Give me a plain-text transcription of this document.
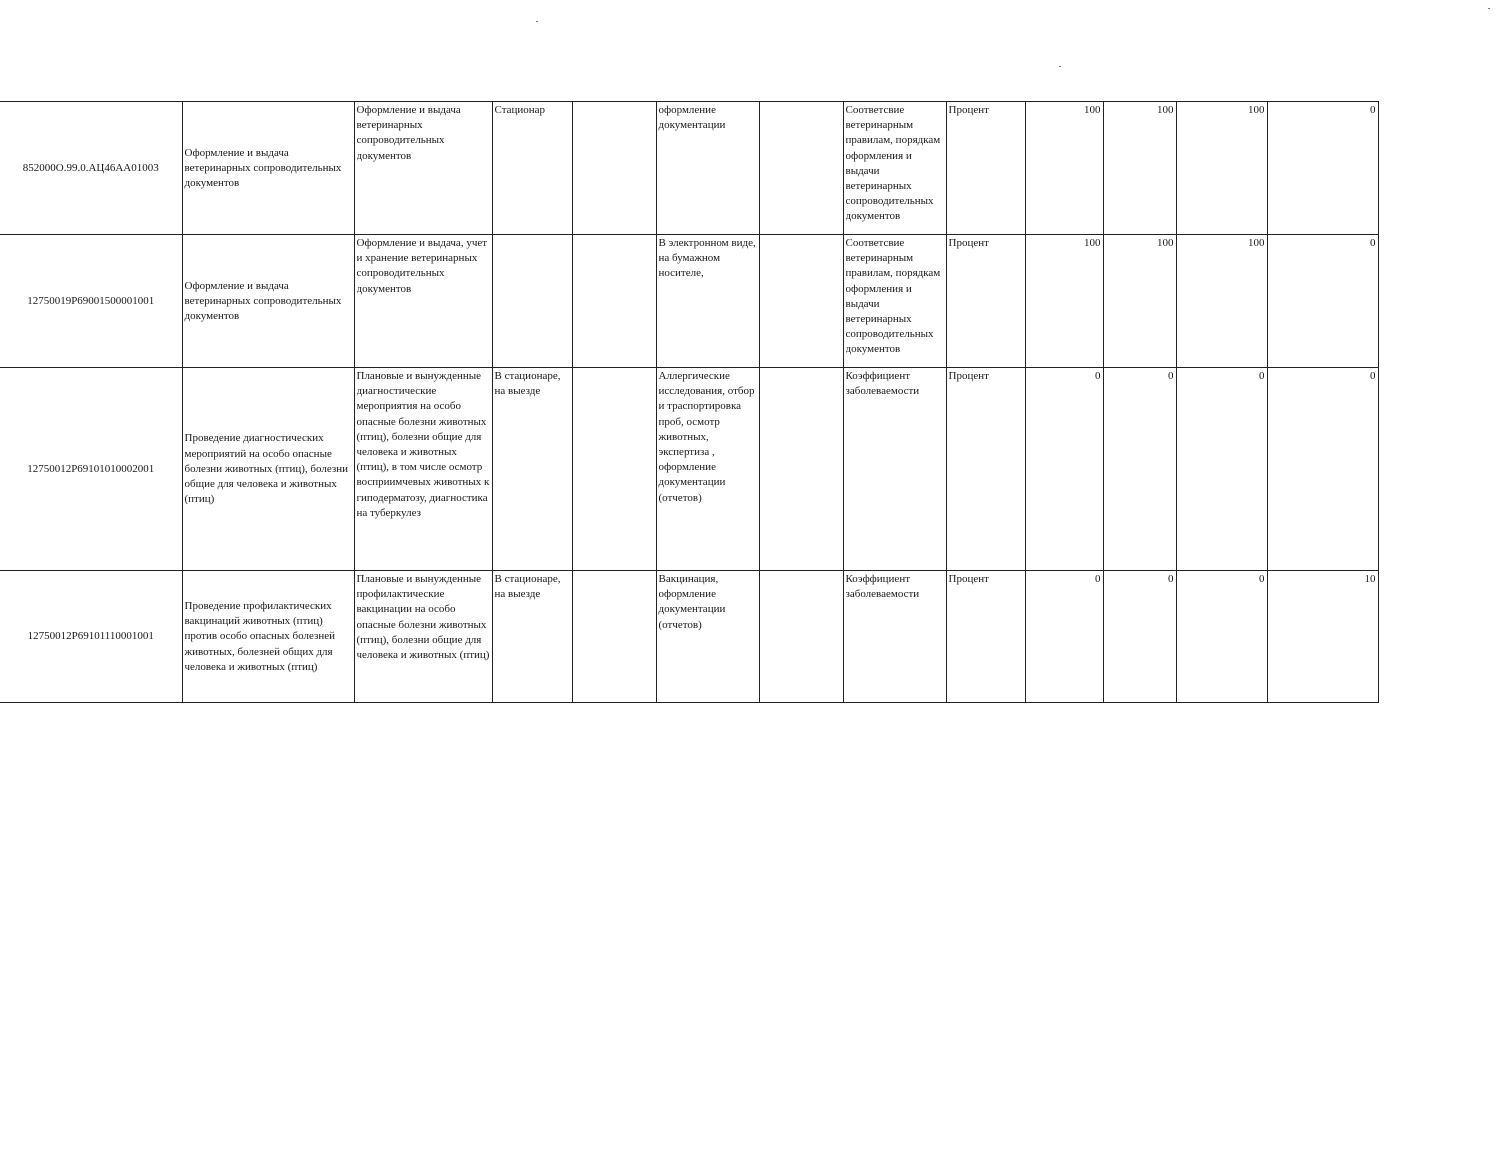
852000О.99.0.АЦ46АА01003	Оформление и выдача ветеринарных сопроводительных документов	Оформление и выдача ветеринарных сопроводительных документов	Стационар		оформление документации		Соответсвие ветеринарным правилам, порядкам оформления и выдачи ветеринарных сопроводительных документов	Процент	100	100	100	0
12750019Р69001500001001	Оформление и выдача ветеринарных сопроводительных документов	Оформление и выдача, учет и хранение ветеринарных сопроводительных документов			В электронном виде, на бумажном носителе,		Соответсвие ветеринарным правилам, порядкам оформления и выдачи ветеринарных сопроводительных документов	Процент	100	100	100	0
12750012Р69101010002001	Проведение диагностических мероприятий на особо опасные болезни животных (птиц), болезни общие для человека и животных (птиц)	Плановые и вынужденные диагностические мероприятия на особо опасные болезни животных (птиц), болезни общие для человека и животных (птиц), в том числе осмотр восприимчевых животных к гиподерматозу, диагностика на туберкулез	В стационаре, на выезде		Аллергические исследования, отбор и траспортировка проб, осмотр животных, экспертиза , оформление документации (отчетов)		Коэффициент заболеваемости	Процент	0	0	0	0
12750012Р69101110001001	Проведение профилактических вакцинаций животных (птиц) против особо опасных болезней животных, болезней общих для человека и животных (птиц)	Плановые и вынужденные профилактические вакцинации на особо опасные болезни животных (птиц), болезни общие для человека и животных (птиц)	В стационаре, на выезде		Вакцинация, оформление документации (отчетов)		Коэффициент заболеваемости	Процент	0	0	0	10
